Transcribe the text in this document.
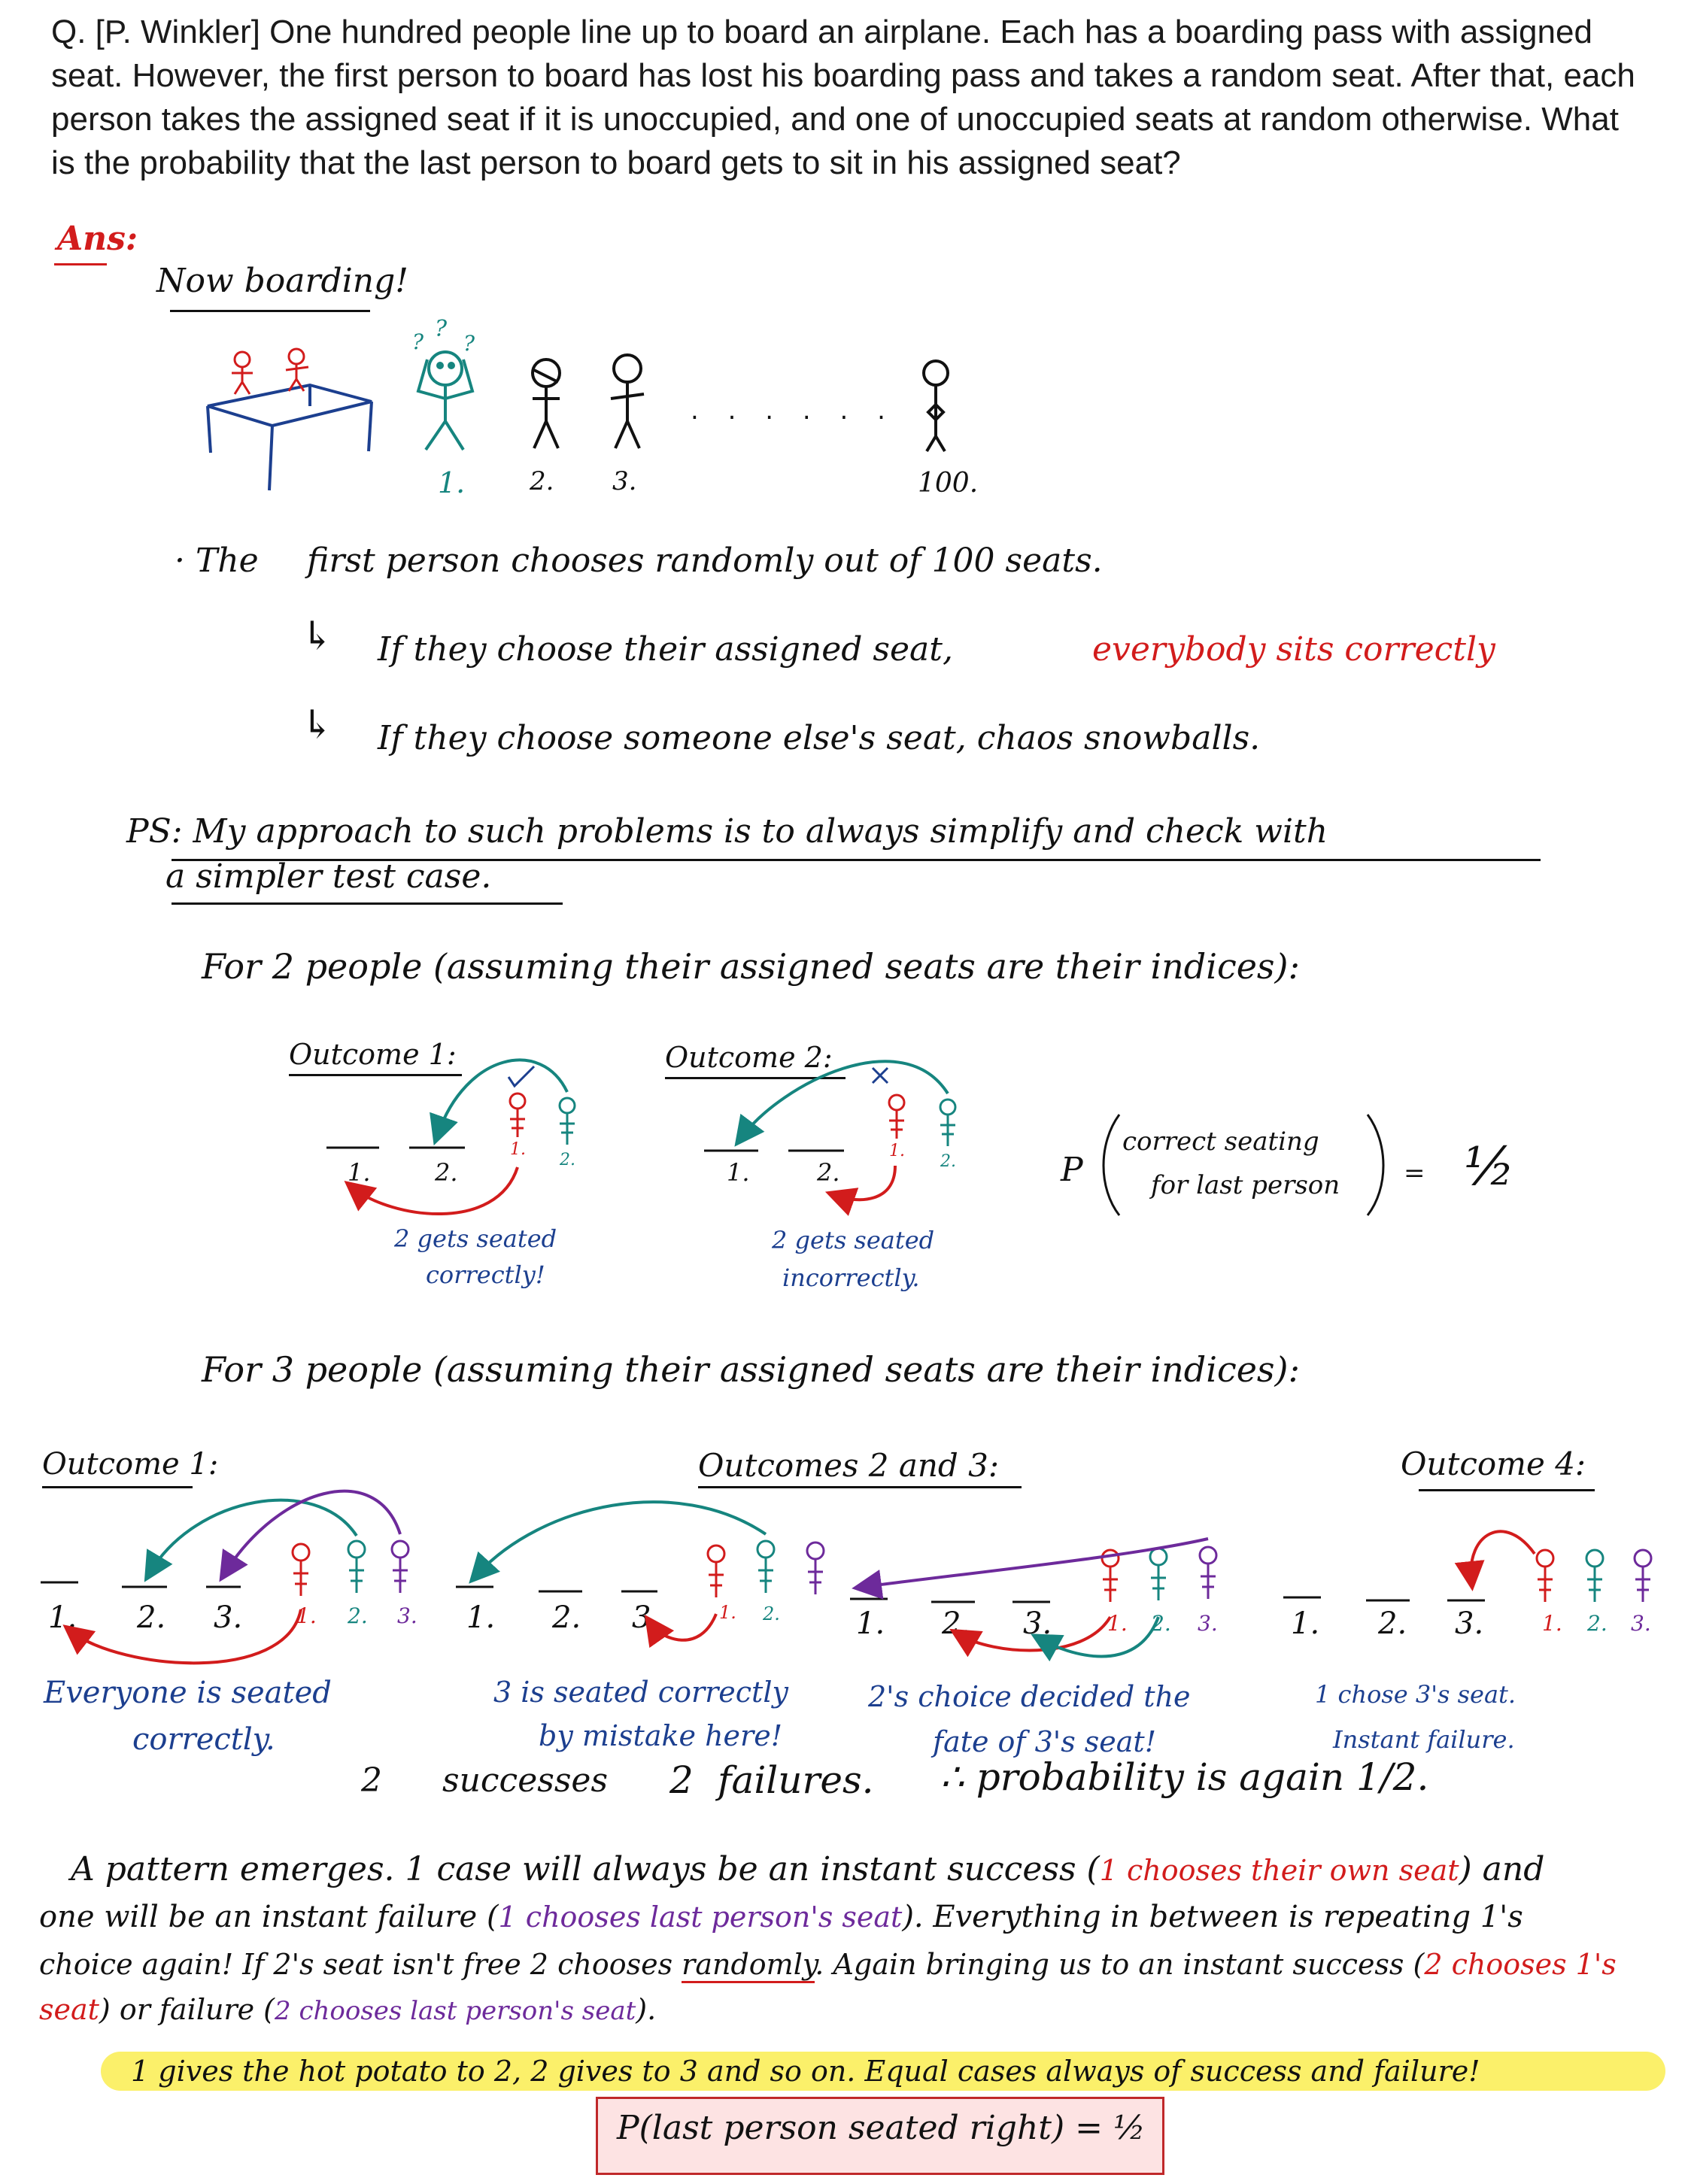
Q. [P. Winkler] One hundred people line up to board an airplane. Each has a boarding pass with assigned seat. However, the first person to board has lost his boarding pass and takes a random seat. After that, each person takes the assigned seat if it is unoccupied, and one of unoccupied seats at random otherwise. What is the probability that the last person to board gets to sit in his assigned seat?
Ans:
Now boarding!
? ?
?
1.	2. 3.	100.
. . . . . .
· The first person chooses randomly out of 100 seats.
↳ If they choose their assigned seat,	everybody sits correctly
↳ If they choose someone else's seat, chaos snowballs.
PS: My approach to such problems is to always simplify and check with
a simpler test case.
For 2 people (assuming their assigned seats are their indices):
Outcome 1:	Outcome 2:
1.	2.
1.
2.	1.	2.
1.
2.
2 gets seated
correctly!
2 gets seated
incorrectly.
P
correct seating
for last person = ½
For 3 people (assuming their assigned seats are their indices):
Outcome 1:	Outcomes 2 and 3:	Outcome 4:
1. 2. 3.	1. 2. 3. 1. 2. 3.	1. 2.	1. 2. 3.	1. 2. 3. 1. 2. 3.	1. 2. 3.
Everyone is seated
correctly.
3 is seated correctly
by mistake here!
2's choice decided the
fate of 3's seat!
1 chose 3's seat.
Instant failure.
2 successes 2 failures. ∴ probability is again 1/2.
A pattern emerges. 1 case will always be an instant success (1 chooses their own seat) and
one will be an instant failure (1 chooses last person's seat). Everything in between is repeating 1's
choice again! If 2's seat isn't free 2 chooses randomly. Again bringing us to an instant success (2 chooses 1's
seat) or failure (2 chooses last person's seat).
1 gives the hot potato to 2, 2 gives to 3 and so on. Equal cases always of success and failure!
P(last person seated right) = ½
